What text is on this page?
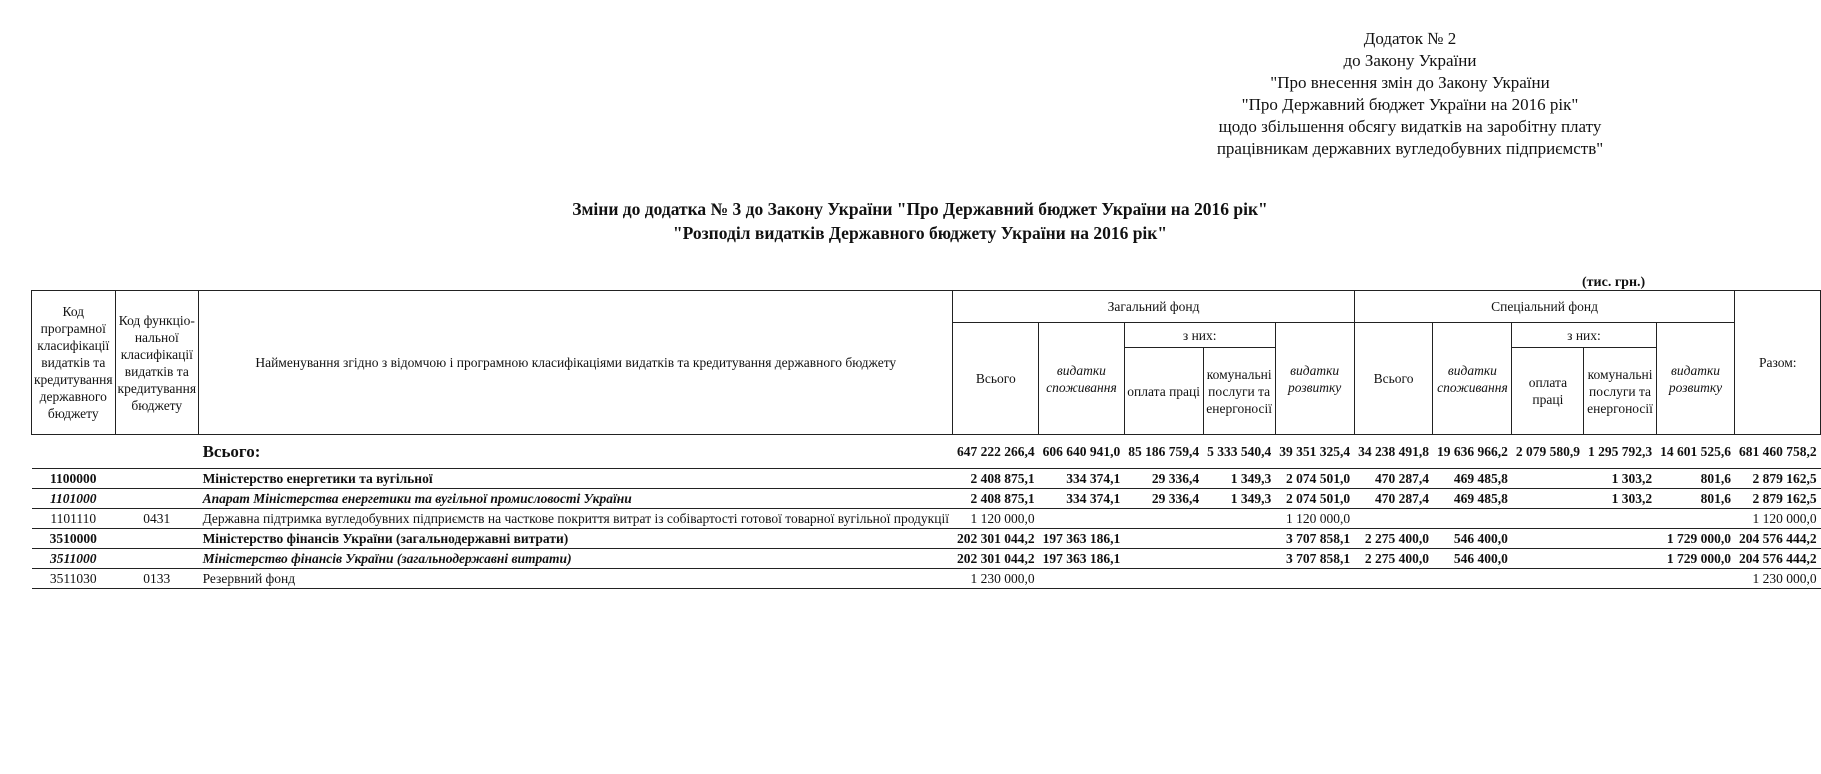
Додаток № 2
до Закону України
"Про внесення змін до Закону України
"Про Державний бюджет України на 2016 рік"
щодо збільшення обсягу видатків на заробітну плату
працівникам державних вугледобувних підприємств"
Зміни до додатка № 3 до Закону України "Про Державний бюджет України на 2016 рік"
"Розподіл видатків Державного бюджету України на 2016 рік"
(тис. грн.)
Код програмної класифікації видатків та кредитування державного бюджету	Код функціо-нальної класифікації видатків та кредитування бюджету	Найменування згідно з відомчою і програмною класифікаціями видатків та кредитування державного бюджету	Загальний фонд					Спеціальний фонд					Разом:
			Всього	видатки споживання	з них:		видатки розвитку	Всього	видатки споживання	з них:		видатки розвитку	
					оплата праці	комунальні послуги та енергоносії				оплата праці	комунальні послуги та енергоносії		
		Всього:	647 222 266,4	606 640 941,0	85 186 759,4	5 333 540,4	39 351 325,4	34 238 491,8	19 636 966,2	2 079 580,9	1 295 792,3	14 601 525,6	681 460 758,2
1100000		Міністерство енергетики та вугільної	2 408 875,1	334 374,1	29 336,4	1 349,3	2 074 501,0	470 287,4	469 485,8		1 303,2	801,6	2 879 162,5
1101000		Апарат Міністерства енергетики та вугільної промисловості України	2 408 875,1	334 374,1	29 336,4	1 349,3	2 074 501,0	470 287,4	469 485,8		1 303,2	801,6	2 879 162,5
1101110	0431	Державна підтримка вугледобувних підприємств на часткове покриття витрат із собівартості готової товарної вугільної продукції	1 120 000,0				1 120 000,0						1 120 000,0
3510000		Міністерство фінансів України (загальнодержавні витрати)	202 301 044,2	197 363 186,1			3 707 858,1	2 275 400,0	546 400,0			1 729 000,0	204 576 444,2
3511000		Міністерство фінансів України (загальнодержавні витрати)	202 301 044,2	197 363 186,1			3 707 858,1	2 275 400,0	546 400,0			1 729 000,0	204 576 444,2
3511030	0133	Резервний фонд	1 230 000,0										1 230 000,0
